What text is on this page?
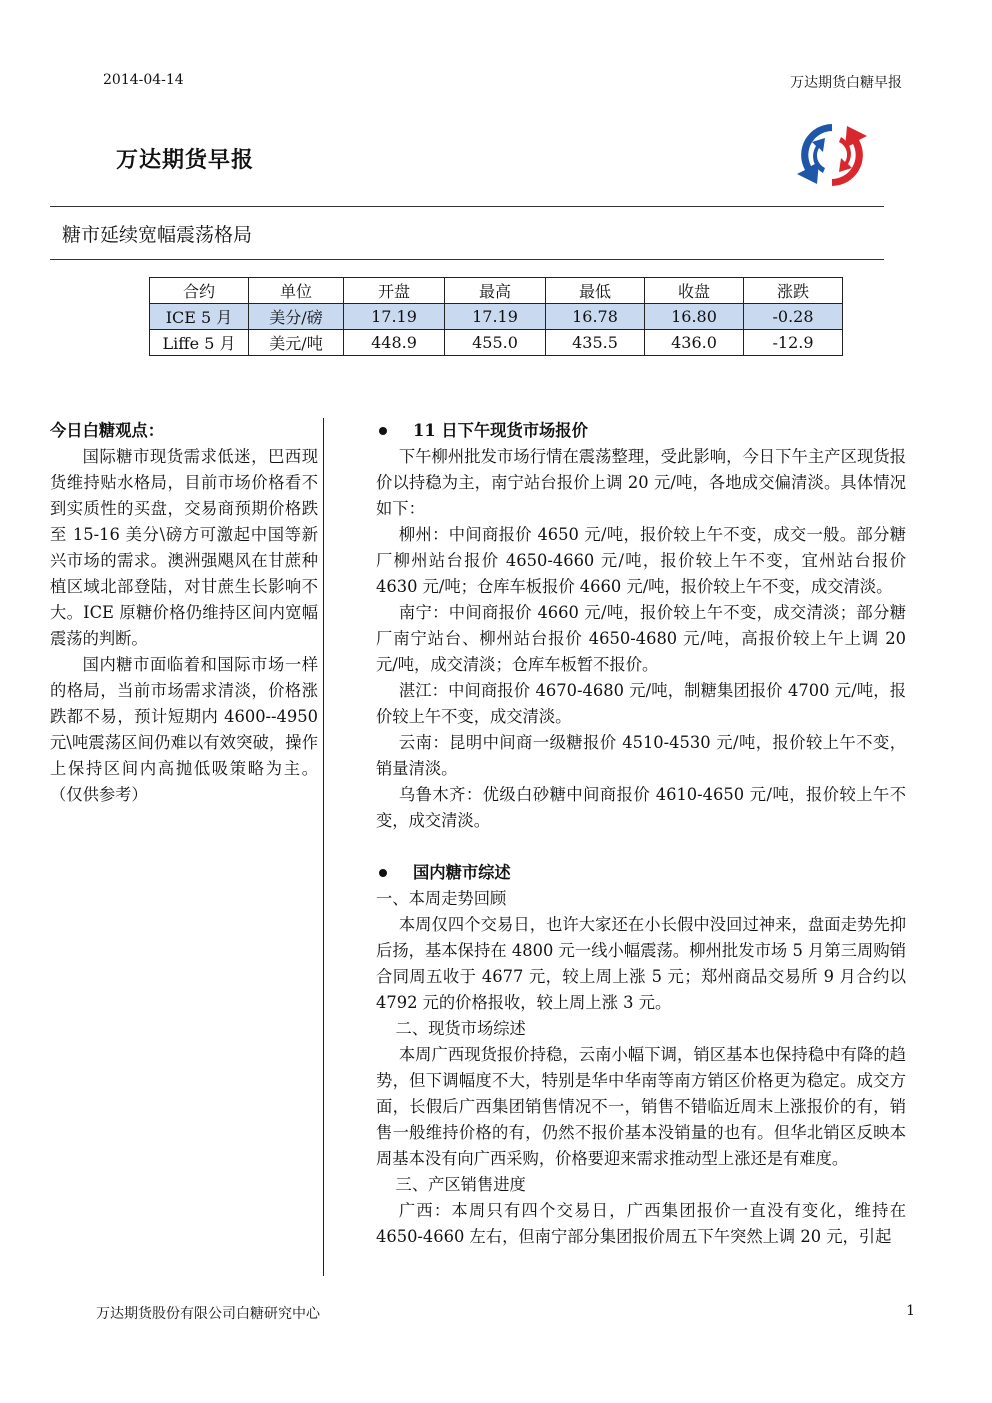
2014-04-14	万达期货白糖早报
万达期货早报
糖市延续宽幅震荡格局
合约	单位	开盘	最高	最低	收盘	涨跌
ICE 5 月	美分/磅	17.19	17.19	16.78	16.80	-0.28
Liffe 5 月	美元/吨	448.9	455.0	435.5	436.0	-12.9
今日白糖观点：

国际糖市现货需求低迷，巴西现货维持贴水格局，目前市场价格看不到实质性的买盘，交易商预期价格跌至 15-16 美分\磅方可激起中国等新兴市场的需求。澳洲强飓风在甘蔗种植区域北部登陆，对甘蔗生长影响不大。ICE 原糖价格仍维持区间内宽幅震荡的判断。

国内糖市面临着和国际市场一样的格局，当前市场需求清淡，价格涨跌都不易，预计短期内 4600--4950 元\吨震荡区间仍难以有效突破，操作上保持区间内高抛低吸策略为主。（仅供参考）

11 日下午现货市场报价

下午柳州批发市场行情在震荡整理，受此影响，今日下午主产区现货报价以持稳为主，南宁站台报价上调 20 元/吨，各地成交偏清淡。具体情况如下：

柳州：中间商报价 4650 元/吨，报价较上午不变，成交一般。部分糖厂柳州站台报价 4650-4660 元/吨，报价较上午不变，宜州站台报价 4630 元/吨；仓库车板报价 4660 元/吨，报价较上午不变，成交清淡。

南宁：中间商报价 4660 元/吨，报价较上午不变，成交清淡；部分糖厂南宁站台、柳州站台报价 4650-4680 元/吨，高报价较上午上调 20 元/吨，成交清淡；仓库车板暂不报价。

湛江：中间商报价 4670-4680 元/吨，制糖集团报价 4700 元/吨，报价较上午不变，成交清淡。

云南：昆明中间商一级糖报价 4510-4530 元/吨，报价较上午不变，销量清淡。

乌鲁木齐：优级白砂糖中间商报价 4610-4650 元/吨，报价较上午不变，成交清淡。

国内糖市综述

一、本周走势回顾

本周仅四个交易日，也许大家还在小长假中没回过神来，盘面走势先抑后扬，基本保持在 4800 元一线小幅震荡。柳州批发市场 5 月第三周购销合同周五收于 4677 元，较上周上涨 5 元；郑州商品交易所 9 月合约以 4792 元的价格报收，较上周上涨 3 元。

二、现货市场综述

本周广西现货报价持稳，云南小幅下调，销区基本也保持稳中有降的趋势，但下调幅度不大，特别是华中华南等南方销区价格更为稳定。成交方面，长假后广西集团销售情况不一，销售不错临近周末上涨报价的有，销售一般维持价格的有，仍然不报价基本没销量的也有。但华北销区反映本周基本没有向广西采购，价格要迎来需求推动型上涨还是有难度。

三、产区销售进度

广西：本周只有四个交易日，广西集团报价一直没有变化，维持在 4650-4660 左右，但南宁部分集团报价周五下午突然上调 20 元，引起

万达期货股份有限公司白糖研究中心	1
